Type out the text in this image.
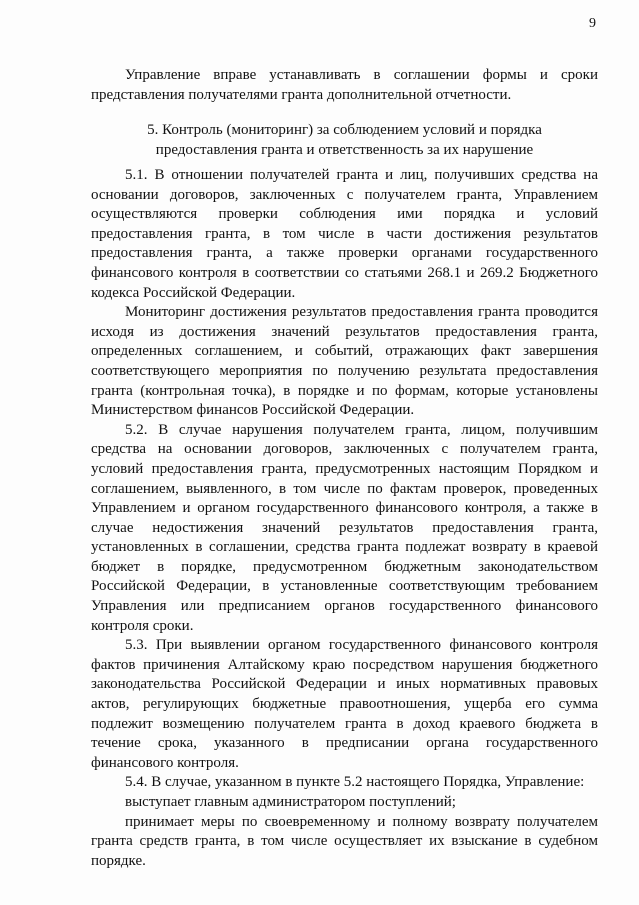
9

Управление вправе устанавливать в соглашении формы и сроки представления получателями гранта дополнительной отчетности.

5. Контроль (мониторинг) за соблюдением условий и порядка
предоставления гранта и ответственность за их нарушение

5.1. В отношении получателей гранта и лиц, получивших средства на основании договоров, заключенных с получателем гранта, Управлением осуществляются проверки соблюдения ими порядка и условий предоставления гранта, в том числе в части достижения результатов предоставления гранта, а также проверки органами государственного финансового контроля в соответствии со статьями 268.1 и 269.2 Бюджетного кодекса Российской Федерации.

Мониторинг достижения результатов предоставления гранта проводится исходя из достижения значений результатов предоставления гранта, определенных соглашением, и событий, отражающих факт завершения соответствующего мероприятия по получению результата предоставления гранта (контрольная точка), в порядке и по формам, которые установлены Министерством финансов Российской Федерации.

5.2. В случае нарушения получателем гранта, лицом, получившим средства на основании договоров, заключенных с получателем гранта, условий предоставления гранта, предусмотренных настоящим Порядком и соглашением, выявленного, в том числе по фактам проверок, проведенных Управлением и органом государственного финансового контроля, а также в случае недостижения значений результатов предоставления гранта, установленных в соглашении, средства гранта подлежат возврату в краевой бюджет в порядке, предусмотренном бюджетным законодательством Российской Федерации, в установленные соответствующим требованием Управления или предписанием органов государственного финансового контроля сроки.

5.3. При выявлении органом государственного финансового контроля фактов причинения Алтайскому краю посредством нарушения бюджетного законодательства Российской Федерации и иных нормативных правовых актов, регулирующих бюджетные правоотношения, ущерба его сумма подлежит возмещению получателем гранта в доход краевого бюджета в течение срока, указанного в предписании органа государственного финансового контроля.

5.4. В случае, указанном в пункте 5.2 настоящего Порядка, Управление:

выступает главным администратором поступлений;

принимает меры по своевременному и полному возврату получателем гранта средств гранта, в том числе осуществляет их взыскание в судебном порядке.
